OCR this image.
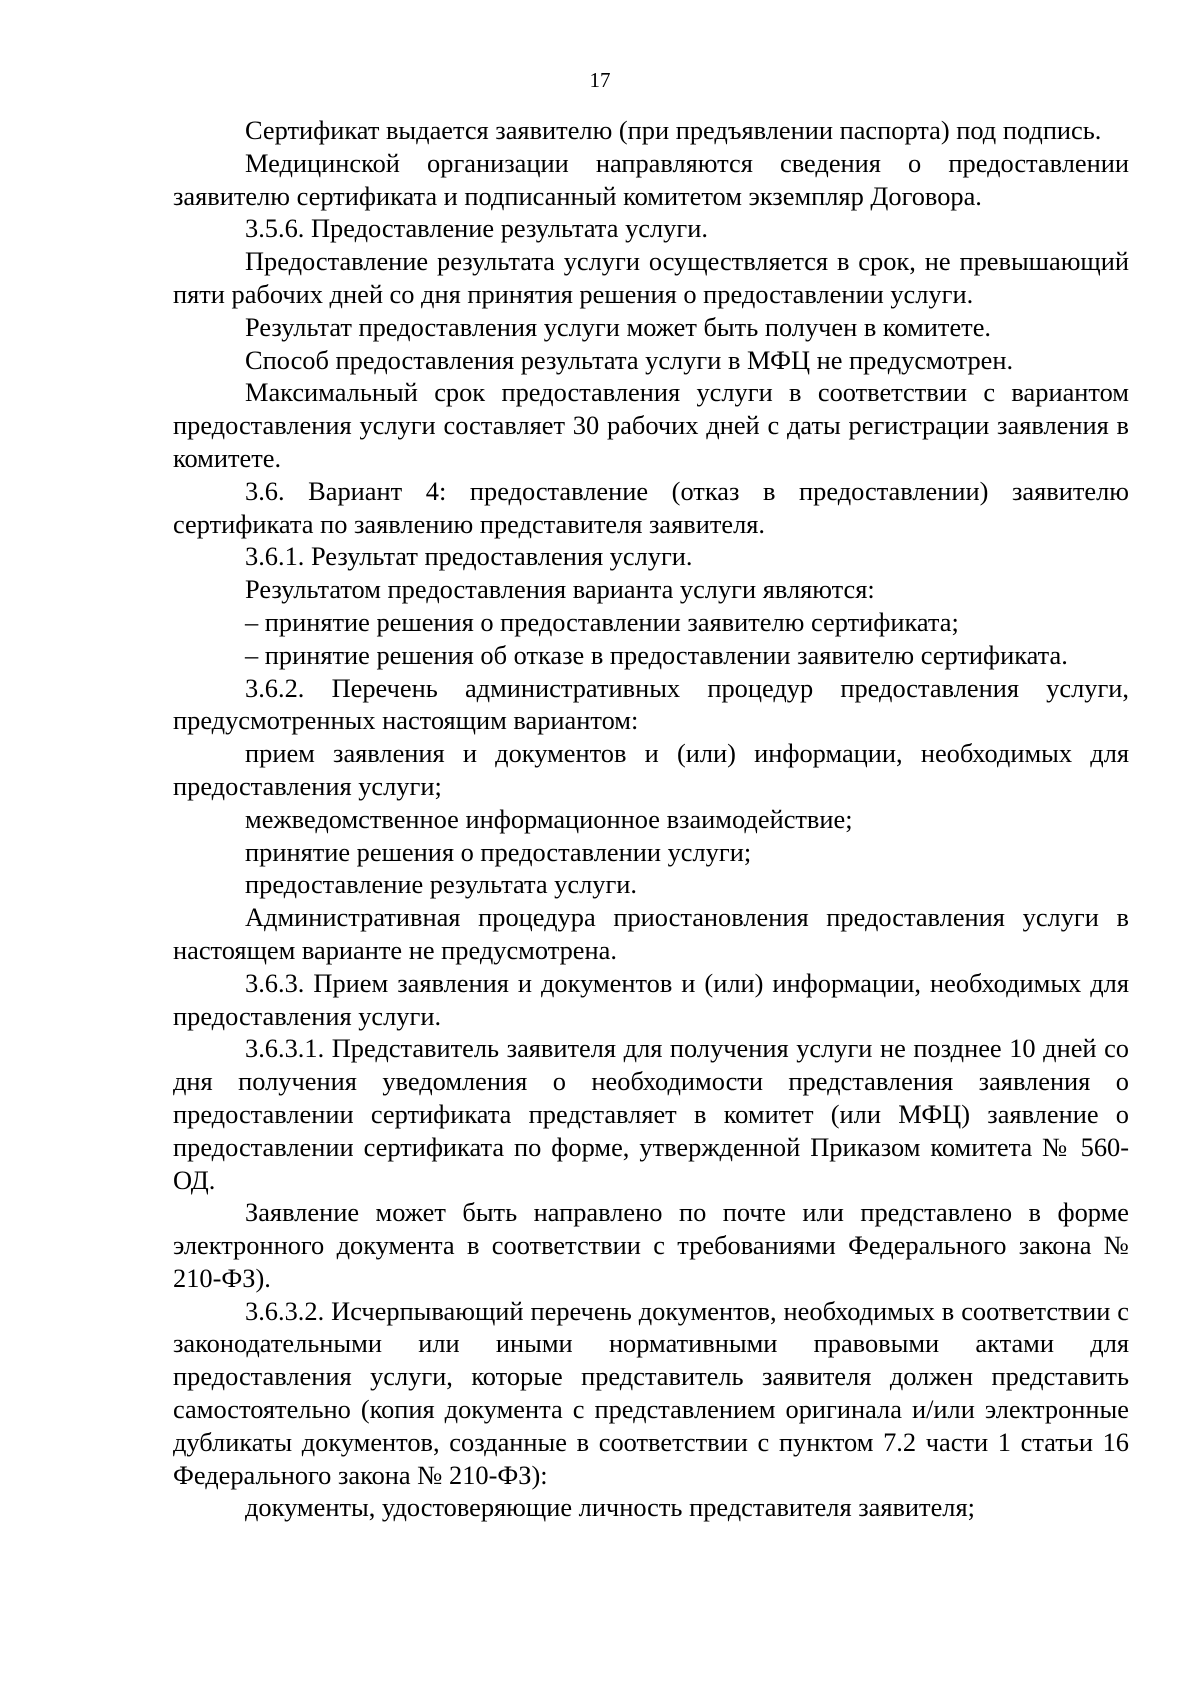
17

Сертификат выдается заявителю (при предъявлении паспорта) под подпись.

Медицинской организации направляются сведения о предоставлении заявителю сертификата и подписанный комитетом экземпляр Договора.

3.5.6. Предоставление результата услуги.

Предоставление результата услуги осуществляется в срок, не превышающий пяти рабочих дней со дня принятия решения о предоставлении услуги.

Результат предоставления услуги может быть получен в комитете.

Способ предоставления результата услуги в МФЦ не предусмотрен.

Максимальный срок предоставления услуги в соответствии с вариантом предоставления услуги составляет 30 рабочих дней с даты регистрации заявления в комитете.

3.6. Вариант 4: предоставление (отказ в предоставлении) заявителю сертификата по заявлению представителя заявителя.

3.6.1. Результат предоставления услуги.

Результатом предоставления варианта услуги являются:

– принятие решения о предоставлении заявителю сертификата;

– принятие решения об отказе в предоставлении заявителю сертификата.

3.6.2. Перечень административных процедур предоставления услуги, предусмотренных настоящим вариантом:

прием заявления и документов и (или) информации, необходимых для предоставления услуги;

межведомственное информационное взаимодействие;

принятие решения о предоставлении услуги;

предоставление результата услуги.

Административная процедура приостановления предоставления услуги в настоящем варианте не предусмотрена.

3.6.3. Прием заявления и документов и (или) информации, необходимых для предоставления услуги.

3.6.3.1. Представитель заявителя для получения услуги не позднее 10 дней со дня получения уведомления о необходимости представления заявления о предоставлении сертификата представляет в комитет (или МФЦ) заявление о предоставлении сертификата по форме, утвержденной Приказом комитета № 560-ОД.

Заявление может быть направлено по почте или представлено в форме электронного документа в соответствии с требованиями Федерального закона № 210-ФЗ).

3.6.3.2. Исчерпывающий перечень документов, необходимых в соответствии с законодательными или иными нормативными правовыми актами для предоставления услуги, которые представитель заявителя должен представить самостоятельно (копия документа с представлением оригинала и/или электронные дубликаты документов, созданные в соответствии с пунктом 7.2 части 1 статьи 16 Федерального закона № 210-ФЗ):

документы, удостоверяющие личность представителя заявителя;
